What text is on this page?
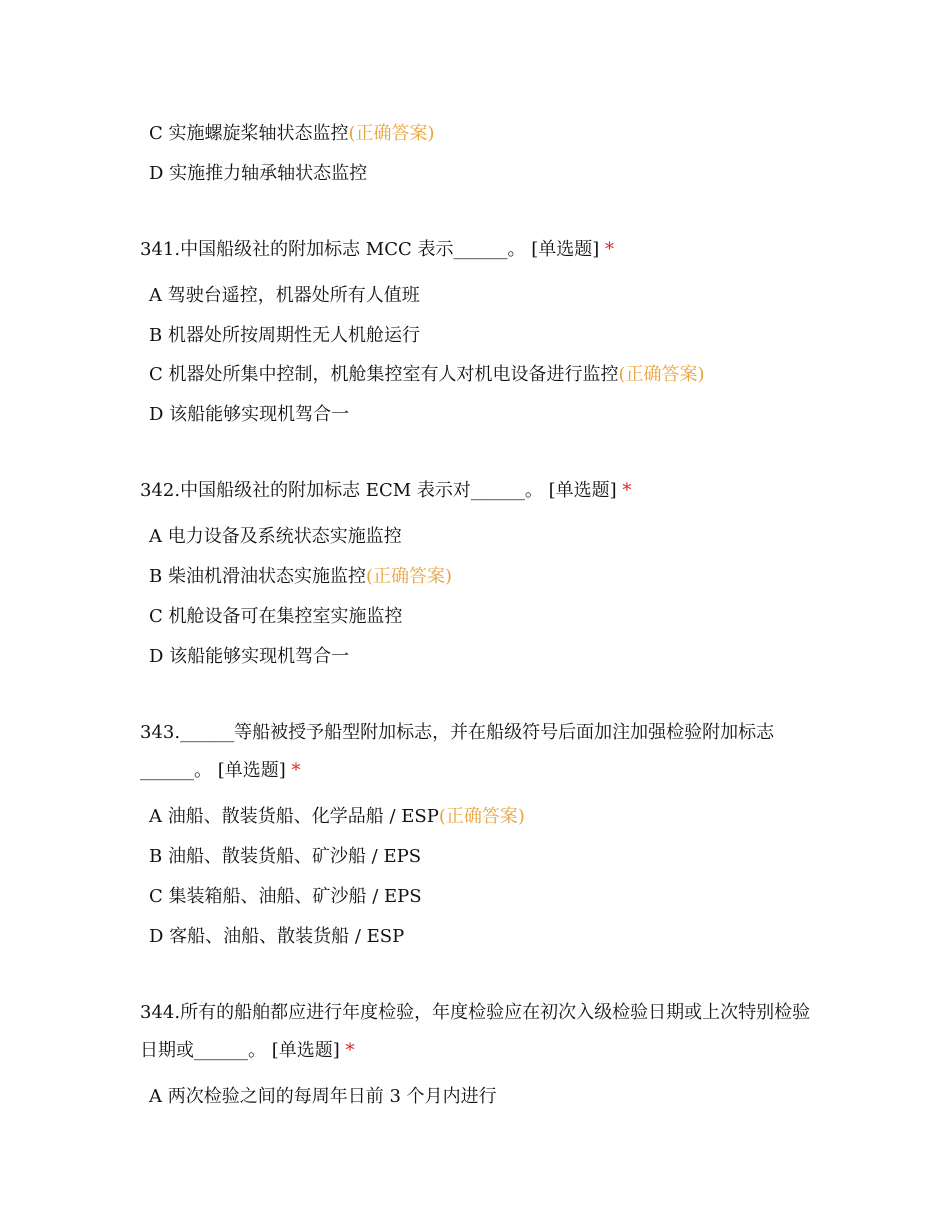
C 实施螺旋桨轴状态监控(正确答案)
D 实施推力轴承轴状态监控
341.中国船级社的附加标志 MCC 表示______。 [单选题] *
A 驾驶台遥控，机器处所有人值班
B 机器处所按周期性无人机舱运行
C 机器处所集中控制，机舱集控室有人对机电设备进行监控(正确答案)
D 该船能够实现机驾合一
342.中国船级社的附加标志 ECM 表示对______。 [单选题] *
A 电力设备及系统状态实施监控
B 柴油机滑油状态实施监控(正确答案)
C 机舱设备可在集控室实施监控
D 该船能够实现机驾合一
343.______等船被授予船型附加标志，并在船级符号后面加注加强检验附加标志______。 [单选题] *
A 油船、散装货船、化学品船 / ESP(正确答案)
B 油船、散装货船、矿沙船 / EPS
C 集装箱船、油船、矿沙船 / EPS
D 客船、油船、散装货船 / ESP
344.所有的船舶都应进行年度检验，年度检验应在初次入级检验日期或上次特别检验日期或______。 [单选题] *
A 两次检验之间的每周年日前 3 个月内进行
